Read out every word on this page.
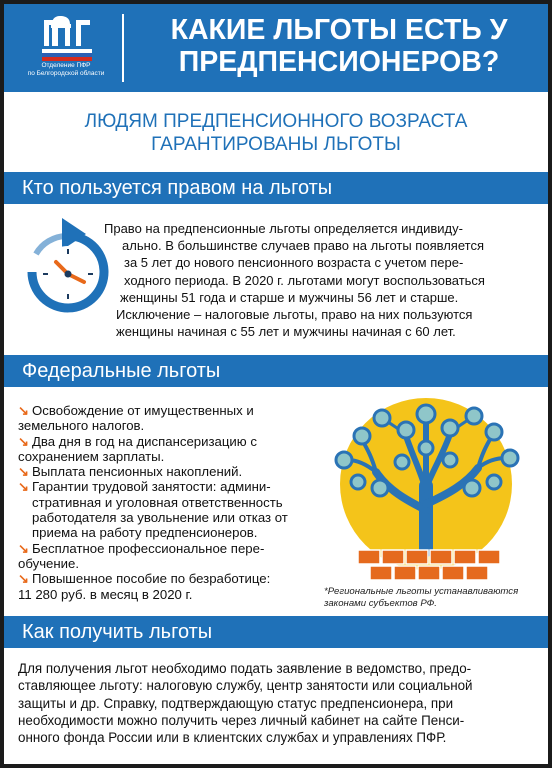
Отделение ПФР
по Белгородской области
КАКИЕ ЛЬГОТЫ ЕСТЬ У
ПРЕДПЕНСИОНЕРОВ?
ЛЮДЯМ ПРЕДПЕНСИОННОГО ВОЗРАСТА
ГАРАНТИРОВАНЫ ЛЬГОТЫ
Кто пользуется правом на льготы
Право на предпенсионные льготы определяется индивиду-
ально. В большинстве случаев право на льготы появляется
за 5 лет до нового пенсионного возраста с учетом пере-
ходного периода. В 2020 г. льготами могут воспользоваться
женщины 51 года и старше и мужчины 56 лет и старше.
Исключение – налоговые льготы, право на них пользуются
женщины начиная с 55 лет и мужчины начиная с 60 лет.
Федеральные льготы
↘ Освобождение от имущественных и
земельного налогов.
↘ Два дня в год на диспансеризацию с
сохранением зарплаты.
↘ Выплата пенсионных накоплений.
↘ Гарантии трудовой занятости: админи-
стративная и уголовная ответственность
работодателя за увольнение или отказ от
приема на работу предпенсионеров.
↘ Бесплатное профессиональное пере-
обучение.
↘ Повышенное пособие по безработице:
11 280 руб. в месяц в 2020 г.	*Региональные льготы устанавливаются
законами субъектов РФ.
Как получить льготы
Для получения льгот необходимо подать заявление в ведомство, предо-
ставляющее льготу: налоговую службу, центр занятости или социальной
защиты и др. Справку, подтверждающую статус предпенсионера, при
необходимости можно получить через личный кабинет на сайте Пенси-
онного фонда России или в клиентских службах и управлениях ПФР.
